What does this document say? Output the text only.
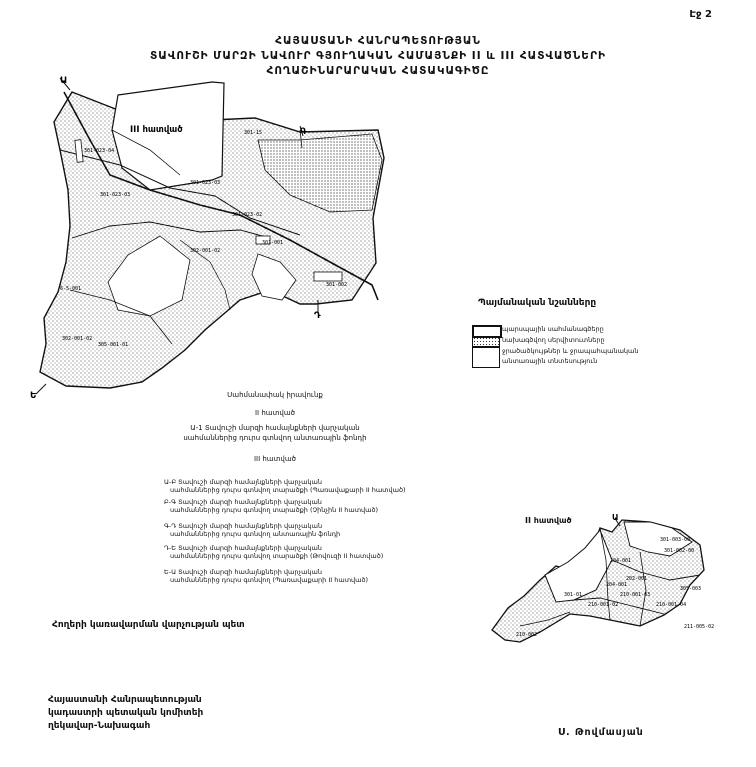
Էջ 2
ՀԱՅԱՍՏԱՆԻ ՀԱՆՐԱՊԵՏՈՒԹՅԱՆ
ՏԱՎՈՒՇԻ ՄԱՐԶԻ ՆԱՎՈՒՐ ԳՅՈՒՂԱԿԱՆ ՀԱՄԱՅՆՔԻ II և III ՀԱՏՎԱԾՆԵՐԻ
ՀՈՂԱՇԻՆԱՐԱՐԱԿԱՆ ՀԱՏԱԿԱԳԻԾԸ
Ա
Գ
Ե
Դ
III հատված
301-023-04
301-023-03
301-023-03
301-023-02
301-001
302-001-02
301-002
6-5-001
305-001-01
302-001-02
301-15
Ա
301-003-00
301-002-00
204-001
202-001
204-001
210-001-02	210-001-04
210-001-03
211-005-02
210-002
301-01
305-003
Պայմանական նշանները
պարսպային սահմանագծերը
նախագծվող սերվիտուտները
ջրածածկույթներ և ջրապահպանական
անտառային տնտեսություն
Սահմանափակ իրավունք
II հատված
Ա-1 Տավուշի մարզի համայնքների վարչական
սահմաններից դուրս գտնվող անտառային ֆոնդի
III հատված
Ա-Բ Տավուշի մարզի համայնքների վարչական
սահմաններից դուրս գտնվող տարածքի (Պառավաքարի II հատված)
Բ-Գ Տավուշի մարզի համայնքների վարչական
սահմաններից դուրս գտնվող տարածքի (Չինչին II հատված)
Գ-Դ Տավուշի մարզի համայնքների վարչական
սահմաններից դուրս գտնվող անտառային ֆոնդի
Դ-Ե Տավուշի մարզի համայնքների վարչական
սահմաններից դուրս գտնվող տարածքի (Թովուզի II հատված)
Ե-Ա Տավուշի մարզի համայնքների վարչական
սահմաններից դուրս գտնվող (Պառավաքարի II հատված)
Հողերի կառավարման վարչության պետ
II հատված
Հայաստանի Հանրապետության
կադաստրի պետական կոմիտեի
ղեկավար-Նախագահ
Ս. Թովմասյան
